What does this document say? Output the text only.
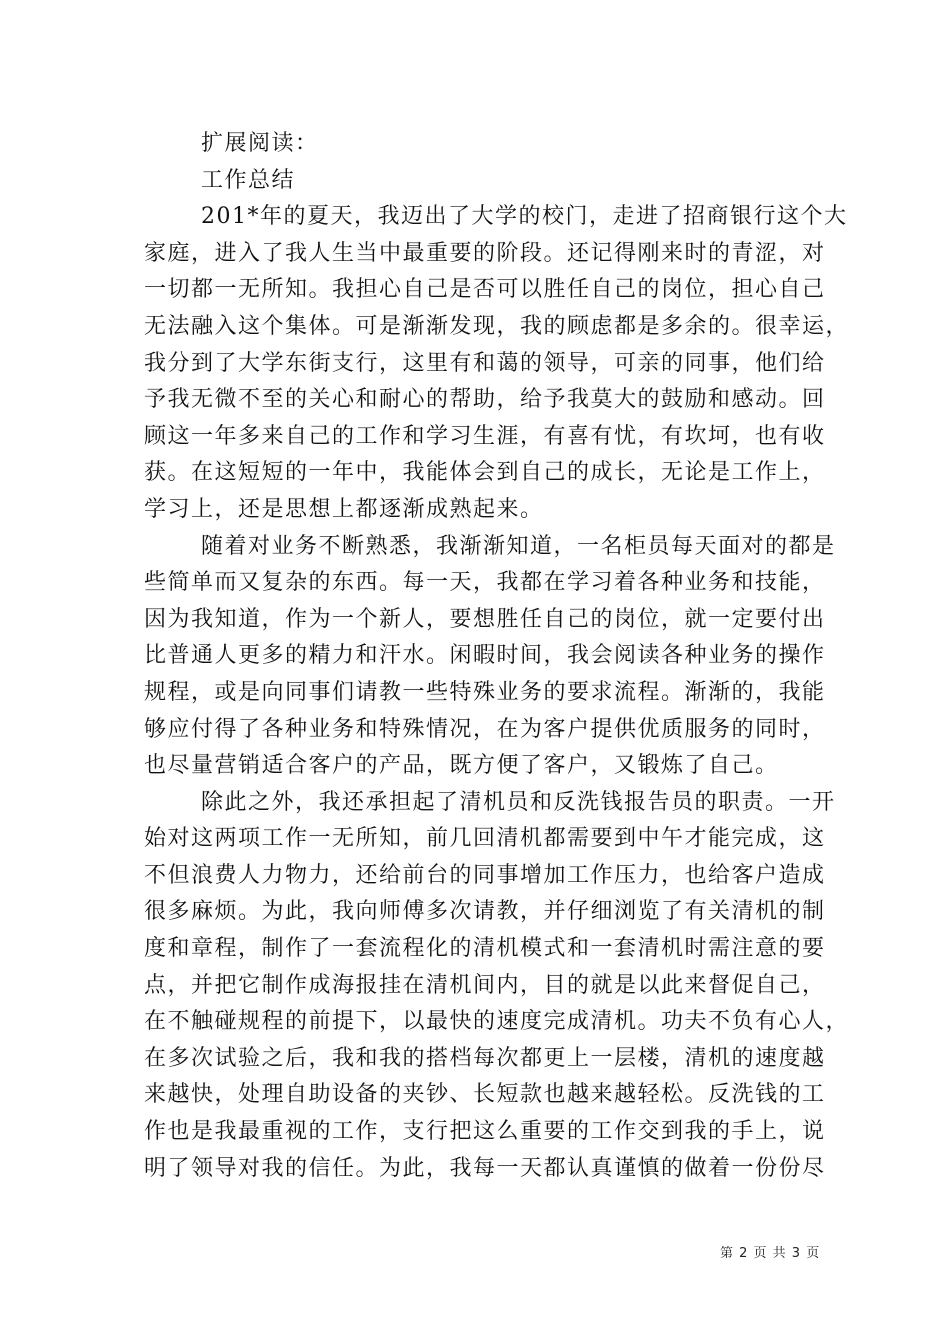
扩展阅读：
工作总结
201*年的夏天，我迈出了大学的校门，走进了招商银行这个大
家庭，进入了我人生当中最重要的阶段。还记得刚来时的青涩，对
一切都一无所知。我担心自己是否可以胜任自己的岗位，担心自己
无法融入这个集体。可是渐渐发现，我的顾虑都是多余的。很幸运，
我分到了大学东街支行，这里有和蔼的领导，可亲的同事，他们给
予我无微不至的关心和耐心的帮助，给予我莫大的鼓励和感动。回
顾这一年多来自己的工作和学习生涯，有喜有忧，有坎坷，也有收
获。在这短短的一年中，我能体会到自己的成长，无论是工作上，
学习上，还是思想上都逐渐成熟起来。
随着对业务不断熟悉，我渐渐知道，一名柜员每天面对的都是
些简单而又复杂的东西。每一天，我都在学习着各种业务和技能，
因为我知道，作为一个新人，要想胜任自己的岗位，就一定要付出
比普通人更多的精力和汗水。闲暇时间，我会阅读各种业务的操作
规程，或是向同事们请教一些特殊业务的要求流程。渐渐的，我能
够应付得了各种业务和特殊情况，在为客户提供优质服务的同时，
也尽量营销适合客户的产品，既方便了客户，又锻炼了自己。
除此之外，我还承担起了清机员和反洗钱报告员的职责。一开
始对这两项工作一无所知，前几回清机都需要到中午才能完成，这
不但浪费人力物力，还给前台的同事增加工作压力，也给客户造成
很多麻烦。为此，我向师傅多次请教，并仔细浏览了有关清机的制
度和章程，制作了一套流程化的清机模式和一套清机时需注意的要
点，并把它制作成海报挂在清机间内，目的就是以此来督促自己，
在不触碰规程的前提下，以最快的速度完成清机。功夫不负有心人，
在多次试验之后，我和我的搭档每次都更上一层楼，清机的速度越
来越快，处理自助设备的夹钞、长短款也越来越轻松。反洗钱的工
作也是我最重视的工作，支行把这么重要的工作交到我的手上，说
明了领导对我的信任。为此，我每一天都认真谨慎的做着一份份尽
第 2 页 共 3 页
